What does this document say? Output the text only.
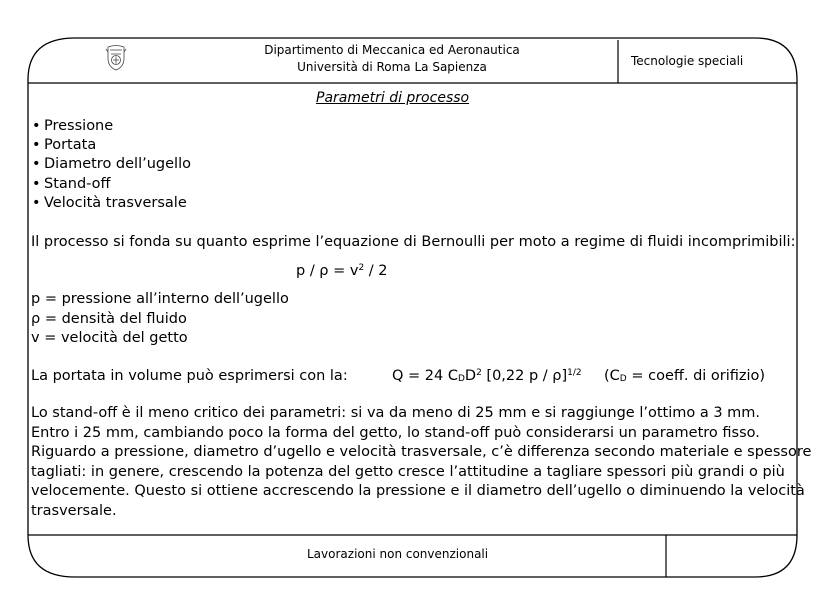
Dipartimento di Meccanica ed Aeronautica
Università di Roma La Sapienza	Tecnologie speciali
Parametri di processo
• Pressione
• Portata
• Diametro dell’ugello
• Stand-off
• Velocità trasversale
Il processo si fonda su quanto esprime l’equazione di Bernoulli per moto a regime di fluidi incomprimibili:
$p / \rho = v^2 / 2$
p = pressione all’interno dell’ugello
ρ = densità del fluido
v = velocità del getto
La portata in volume può esprimersi con la:	Q = 24 CDD$^2$ [0,22 p / ρ]$^{1/2}$ (CD = coeff. di orifizio)
Lo stand-off è il meno critico dei parametri: si va da meno di 25 mm e si raggiunge l’ottimo a 3 mm.
Entro i 25 mm, cambiando poco la forma del getto, lo stand-off può considerarsi un parametro fisso.
Riguardo a pressione, diametro d’ugello e velocità trasversale, c’è differenza secondo materiale e spessore
tagliati: in genere, crescendo la potenza del getto cresce l’attitudine a tagliare spessori più grandi o più
velocemente. Questo si ottiene accrescendo la pressione e il diametro dell’ugello o diminuendo la velocità
trasversale.
Lavorazioni non convenzionali
